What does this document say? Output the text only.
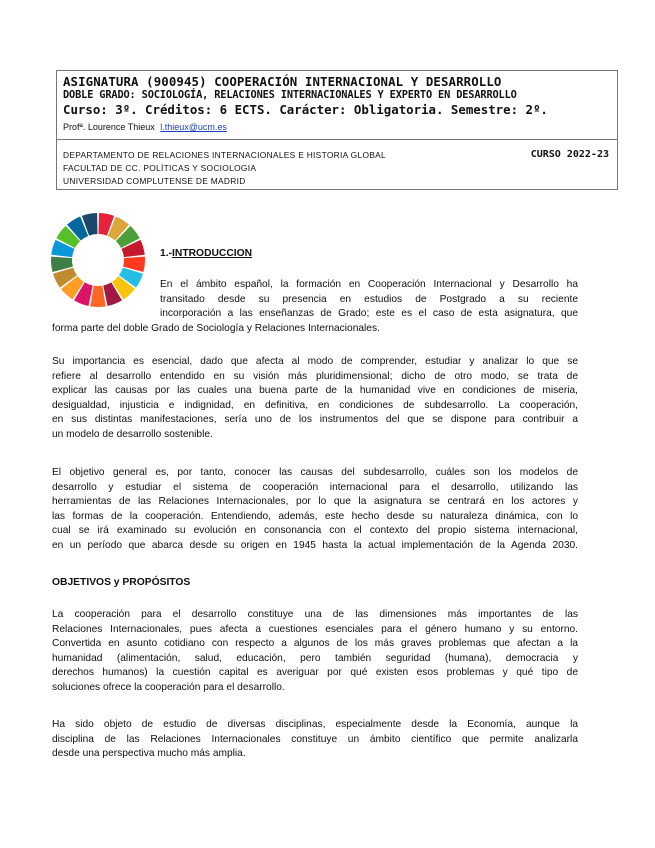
ASIGNATURA (900945) COOPERACIÓN INTERNACIONAL Y DESARROLLO
DOBLE GRADO: SOCIOLOGÍA, RELACIONES INTERNACIONALES Y EXPERTO EN DESARROLLO
Curso: 3º. Créditos: 6 ECTS. Carácter: Obligatoria. Semestre: 2º.
Profª. Lourence Thieux l.thieux@ucm.es
DEPARTAMENTO DE RELACIONES INTERNACIONALES E HISTORIA GLOBAL
FACULTAD DE CC. POLÍTICAS Y SOCIOLOGIA
UNIVERSIDAD COMPLUTENSE DE MADRID
CURSO 2022-23
1.-INTRODUCCION
En el ámbito español, la formación en Cooperación Internacional y Desarrollo ha
transitado desde su presencia en estudios de Postgrado a su reciente
incorporación a las enseñanzas de Grado; este es el caso de esta asignatura, que
forma parte del doble Grado de Sociología y Relaciones Internacionales.
Su importancia es esencial, dado que afecta al modo de comprender, estudiar y analizar lo que se
refiere al desarrollo entendido en su visión más pluridimensional; dicho de otro modo, se trata de
explicar las causas por las cuales una buena parte de la humanidad vive en condiciones de miseria,
desigualdad, injusticia e indignidad, en definitiva, en condiciones de subdesarrollo. La cooperación,
en sus distintas manifestaciones, sería uno de los instrumentos del que se dispone para contribuir a
un modelo de desarrollo sostenible.
El objetivo general es, por tanto, conocer las causas del subdesarrollo, cuáles son los modelos de
desarrollo y estudiar el sistema de cooperación internacional para el desarrollo, utilizando las
herramientas de las Relaciones Internacionales, por lo que la asignatura se centrará en los actores y
las formas de la cooperación. Entendiendo, además, este hecho desde su naturaleza dinámica, con lo
cual se irá examinado su evolución en consonancia con el contexto del propio sistema internacional,
en un período que abarca desde su origen en 1945 hasta la actual implementación de la Agenda 2030.
OBJETIVOS y PROPÓSITOS
La cooperación para el desarrollo constituye una de las dimensiones más importantes de las
Relaciones Internacionales, pues afecta a cuestiones esenciales para el género humano y su entorno.
Convertida en asunto cotidiano con respecto a algunos de los más graves problemas que afectan a la
humanidad (alimentación, salud, educación, pero también seguridad (humana), democracia y
derechos humanos) la cuestión capital es averiguar por qué existen esos problemas y qué tipo de
soluciones ofrece la cooperación para el desarrollo.
Ha sido objeto de estudio de diversas disciplinas, especialmente desde la Economía, aunque la
disciplina de las Relaciones Internacionales constituye un ámbito científico que permite analizarla
desde una perspectiva mucho más amplia.
